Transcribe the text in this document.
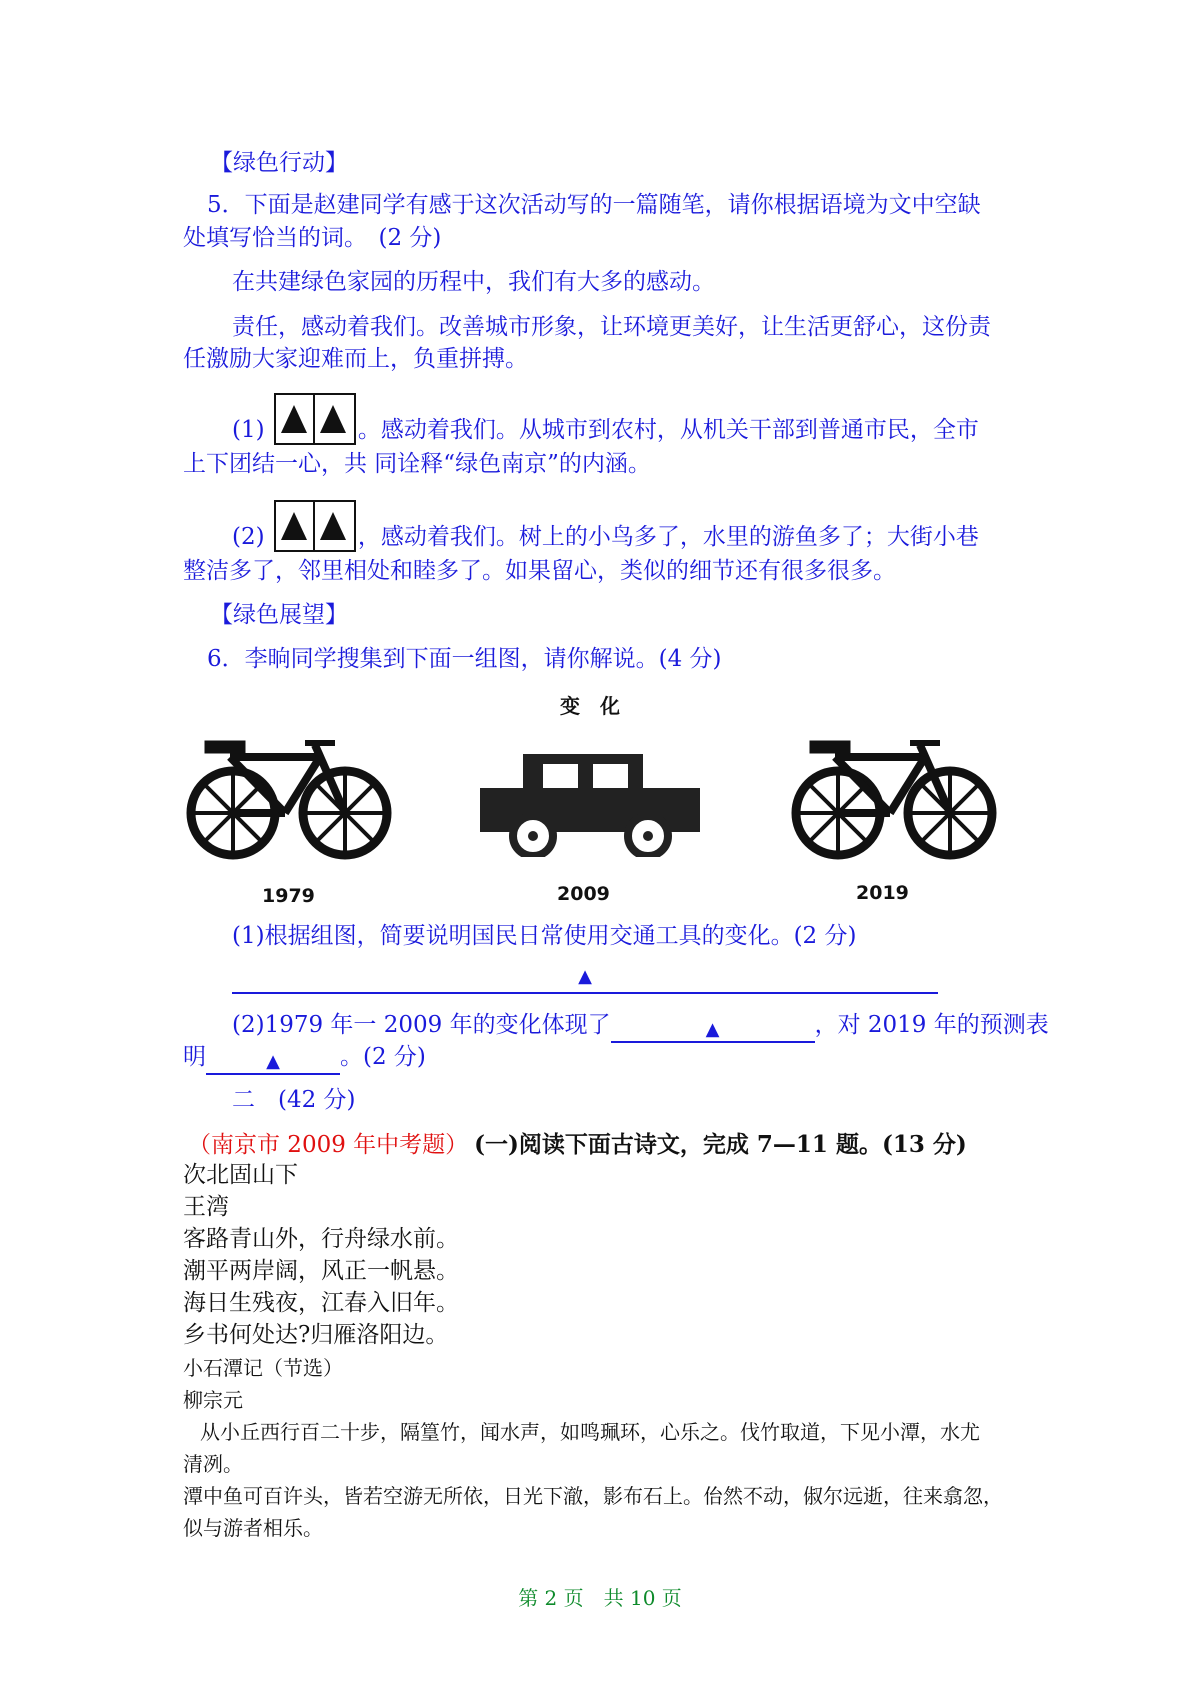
【绿色行动】
5．下面是赵建同学有感于这次活动写的一篇随笔，请你根据语境为文中空缺
处填写恰当的词。　(2 分)
在共建绿色家园的历程中，我们有大多的感动。
责任，感动着我们。改善城市形象，让环境更美好，让生活更舒心，这份责
任激励大家迎难而上，负重拼搏。
(1)	。感动着我们。从城市到农村，从机关干部到普通市民，全市
上下团结一心，共 同诠释“绿色南京”的内涵。
(2)	，感动着我们。树上的小鸟多了，水里的游鱼多了；大街小巷
整洁多了，邻里相处和睦多了。如果留心，类似的细节还有很多很多。
【绿色展望】
6．李晌同学搜集到下面一组图，请你解说。(4 分)
变化
1979	2009	2019
(1)根据组图，简要说明国民日常使用交通工具的变化。(2 分)
▲
(2)1979 年一 2009 年的变化体现了	▲	，对 2019 年的预测表
明	▲	。(2 分)
二　(42 分)
（南京市 2009 年中考题） (一)阅读下面古诗文，完成 7—11 题。(13 分)
次北固山下
王湾
客路青山外，行舟绿水前。
潮平两岸阔，风正一帆悬。
海日生残夜，江春入旧年。
乡书何处达?归雁洛阳边。
小石潭记（节选）
柳宗元
从小丘西行百二十步，隔篁竹，闻水声，如鸣珮环，心乐之。伐竹取道，下见小潭，水尤
清冽。
潭中鱼可百许头，皆若空游无所依，日光下澈，影布石上。佁然不动，俶尔远逝，往来翕忽，
似与游者相乐。
第 2 页　共 10 页
